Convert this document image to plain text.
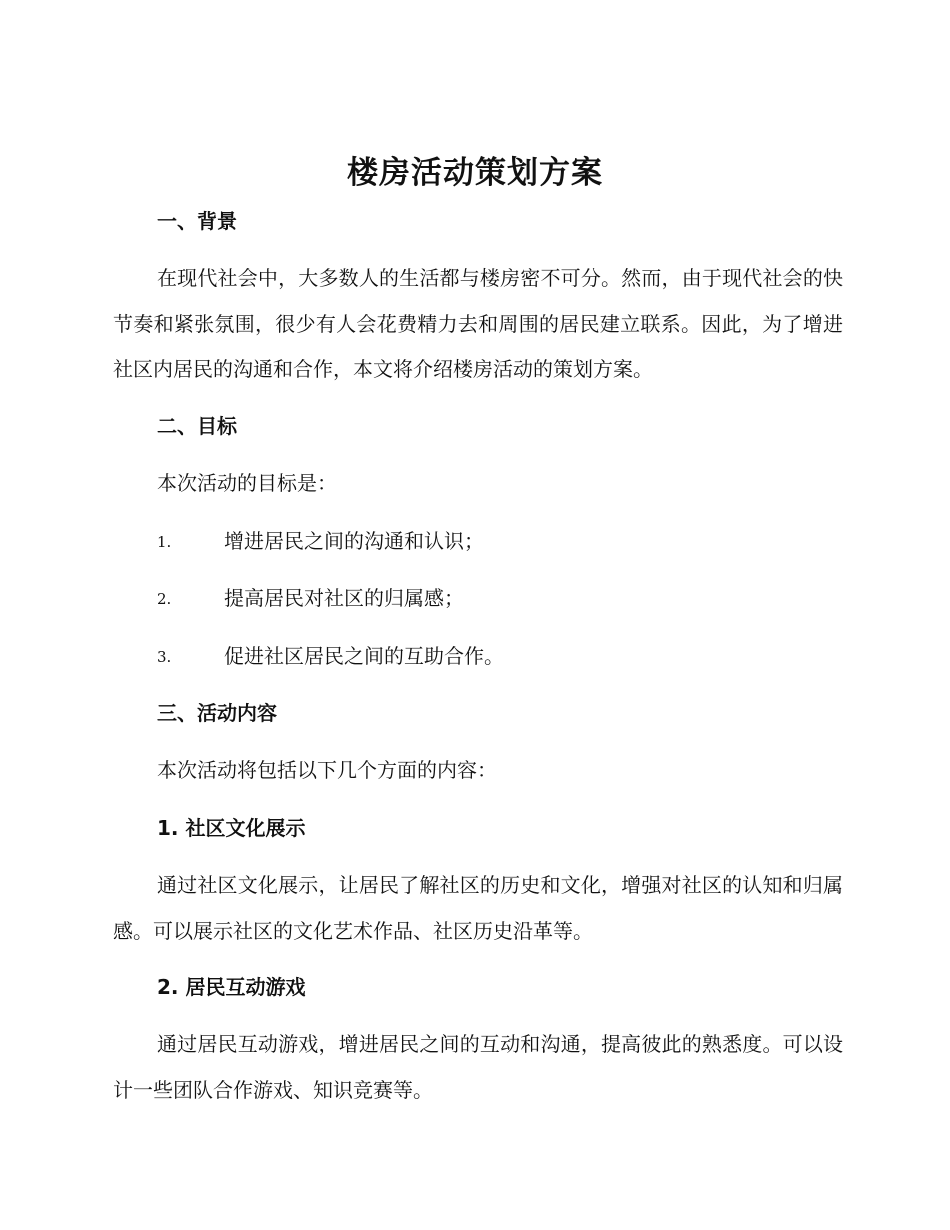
楼房活动策划方案
一、背景

在现代社会中，大多数人的生活都与楼房密不可分。然而，由于现代社会的快节奏和紧张氛围，很少有人会花费精力去和周围的居民建立联系。因此，为了增进社区内居民的沟通和合作，本文将介绍楼房活动的策划方案。

二、目标
本次活动的目标是：
1.	增进居民之间的沟通和认识；
2.	提高居民对社区的归属感；
3.	促进社区居民之间的互助合作。
三、活动内容
本次活动将包括以下几个方面的内容：
1. 社区文化展示

通过社区文化展示，让居民了解社区的历史和文化，增强对社区的认知和归属感。可以展示社区的文化艺术作品、社区历史沿革等。

2. 居民互动游戏

通过居民互动游戏，增进居民之间的互动和沟通，提高彼此的熟悉度。可以设计一些团队合作游戏、知识竞赛等。
